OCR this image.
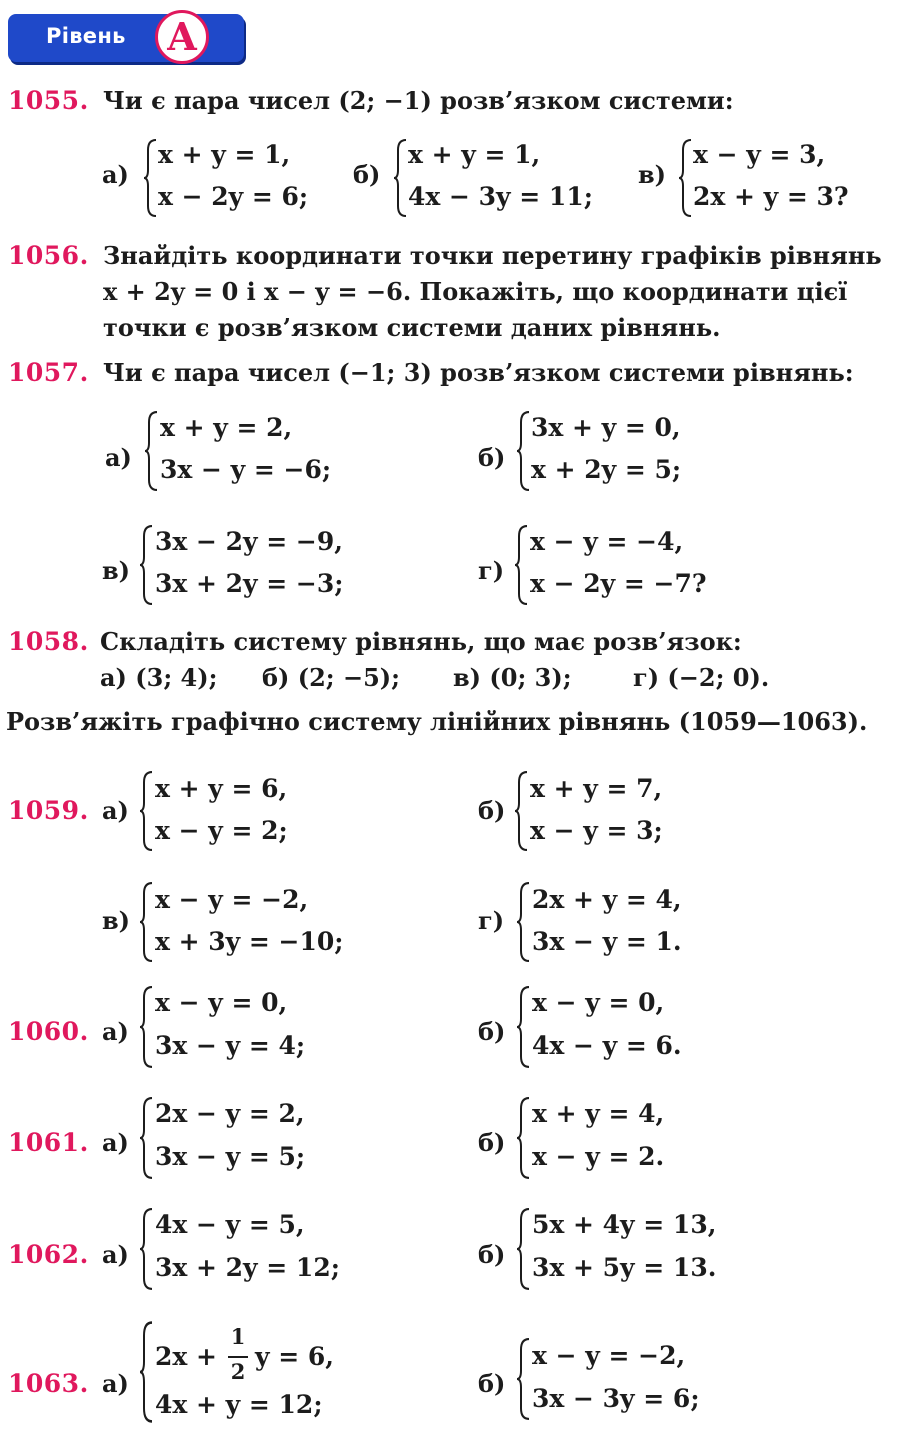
Рівень	A
1055. Чи є пара чисел (2; −1) розв’язком системи:
а)
x + y = 1,
x − 2y = 6;
б)
x + y = 1,
4x − 3y = 11;
в)
x − y = 3,
2x + y = 3?
1056. Знайдіть координати точки перетину графіків рівнянь
x + 2y = 0 і x − y = −6. Покажіть, що координати цієї
точки є розв’язком системи даних рівнянь.
1057. Чи є пара чисел (−1; 3) розв’язком системи рівнянь:
а)
x + y = 2,
3x − y = −6;	б)
3x + y = 0,
x + 2y = 5;
в)
3x − 2y = −9,
3x + 2y = −3;	г)
x − y = −4,
x − 2y = −7?
1058. Складіть систему рівнянь, що має розв’язок:
а) (3; 4); б) (2; −5); в) (0; 3);	г) (−2; 0).
Розв’яжіть графічно систему лінійних рівнянь (1059—1063).
1059. а)
x + y = 6,
x − y = 2;
б)
x + y = 7,
x − y = 3;
в)
x − y = −2,
x + 3y = −10;
г)
2x + y = 4,
3x − y = 1.
1060. а)
x − y = 0,
3x − y = 4;	б)
x − y = 0,
4x − y = 6.
1061. а)
2x − y = 2,
3x − y = 5;	б)
x + y = 4,
x − y = 2.
1062. а)
4x − y = 5,
3x + 2y = 12;	б)
5x + 4y = 13,
3x + 5y = 13.
1063. а)
2x +
1
2
y = 6,
4x + y = 12;
б)
x − y = −2,
3x − 3y = 6;
